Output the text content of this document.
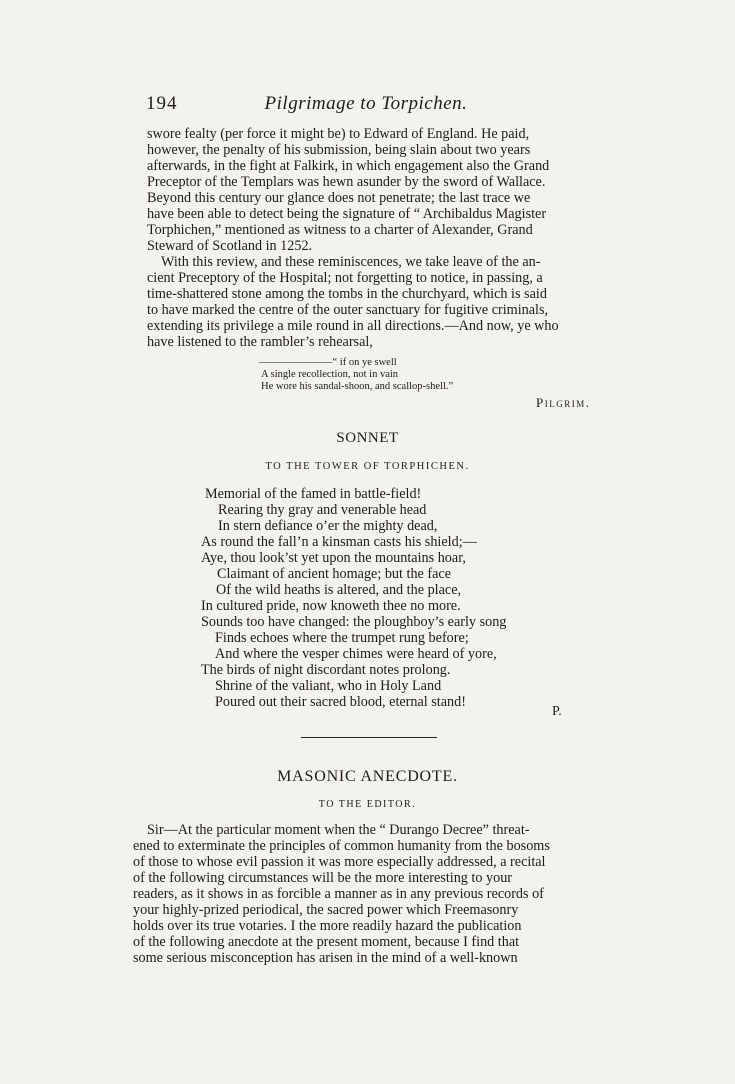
194	Pilgrimage to Torpichen.

swore fealty (per force it might be) to Edward of England. He paid,

however, the penalty of his submission, being slain about two years

afterwards, in the fight at Falkirk, in which engagement also the Grand

Preceptor of the Templars was hewn asunder by the sword of Wallace.

Beyond this century our glance does not penetrate; the last trace we

have been able to detect being the signature of “ Archibaldus Magister

Torphichen,” mentioned as witness to a charter of Alexander, Grand

Steward of Scotland in 1252.

With this review, and these reminiscences, we take leave of the an-

cient Preceptory of the Hospital; not forgetting to notice, in passing, a

time-shattered stone among the tombs in the churchyard, which is said

to have marked the centre of the outer sanctuary for fugitive criminals,

extending its privilege a mile round in all directions.—And now, ye who

have listened to the rambler’s rehearsal,

———————“ if on ye swell
A single recollection, not in vain
He wore his sandal-shoon, and scallop-shell.”
Pilgrim.
SONNET
TO THE TOWER OF TORPHICHEN.
Memorial of the famed in battle-field!
Rearing thy gray and venerable head
In stern defiance o’er the mighty dead,
As round the fall’n a kinsman casts his shield;—
Aye, thou look’st yet upon the mountains hoar,
Claimant of ancient homage; but the face
Of the wild heaths is altered, and the place,
In cultured pride, now knoweth thee no more.
Sounds too have changed: the ploughboy’s early song
Finds echoes where the trumpet rung before;
And where the vesper chimes were heard of yore,
The birds of night discordant notes prolong.
Shrine of the valiant, who in Holy Land
Poured out their sacred blood, eternal stand!
P.
MASONIC ANECDOTE.
TO THE EDITOR.

Sir—At the particular moment when the “ Durango Decree” threat-

ened to exterminate the principles of common humanity from the bosoms

of those to whose evil passion it was more especially addressed, a recital

of the following circumstances will be the more interesting to your

readers, as it shows in as forcible a manner as in any previous records of

your highly-prized periodical, the sacred power which Freemasonry

holds over its true votaries. I the more readily hazard the publication

of the following anecdote at the present moment, because I find that

some serious misconception has arisen in the mind of a well-known
